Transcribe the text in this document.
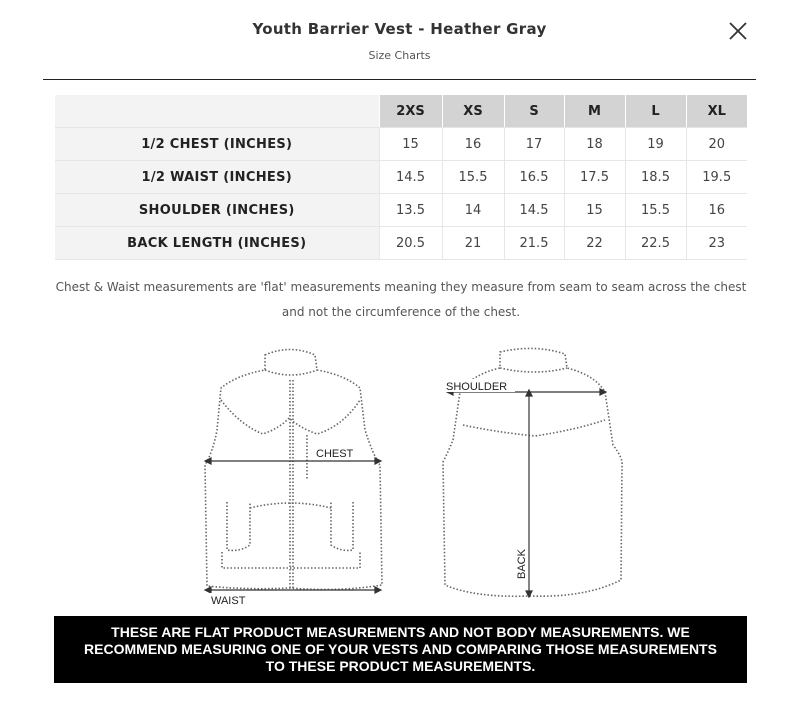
Youth Barrier Vest - Heather Gray
Size Charts
	2XS	XS	S	M	L	XL
1/2 CHEST (INCHES)	15	16	17	18	19	20
1/2 WAIST (INCHES)	14.5	15.5	16.5	17.5	18.5	19.5
SHOULDER (INCHES)	13.5	14	14.5	15	15.5	16
BACK LENGTH (INCHES)	20.5	21	21.5	22	22.5	23
Chest & Waist measurements are 'flat' measurements meaning they measure from seam to seam across the chest and not the circumference of the chest.
CHEST
WAIST
SHOULDER
BACK
THESE ARE FLAT PRODUCT MEASUREMENTS AND NOT BODY MEASUREMENTS. WE RECOMMEND MEASURING ONE OF YOUR VESTS AND COMPARING THOSE MEASUREMENTS TO THESE PRODUCT MEASUREMENTS.
